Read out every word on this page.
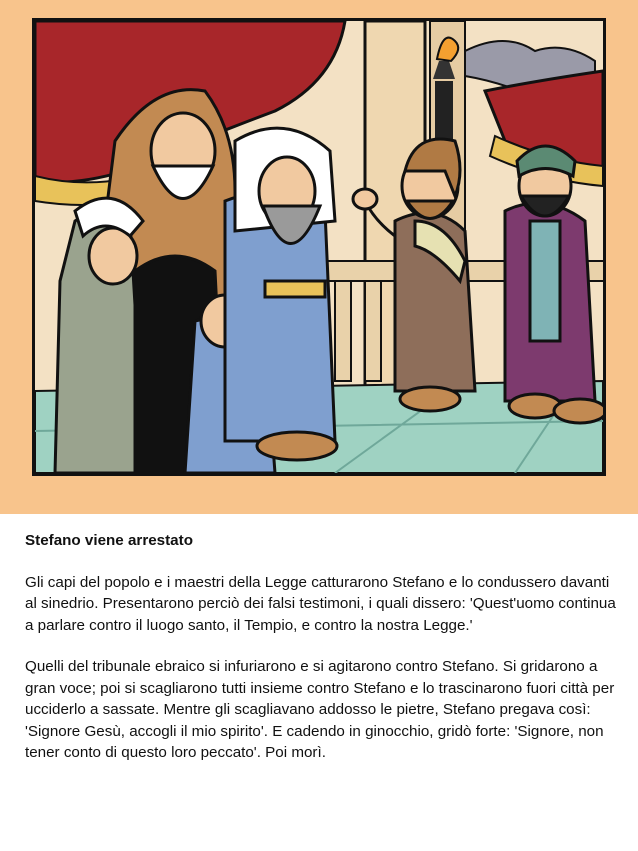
Stefano viene arrestato

Gli capi del popolo e i maestri della Legge catturarono Stefano e lo condussero davanti al sinedrio. Presentarono perciò dei falsi testimoni, i quali dissero: 'Quest'uomo continua a parlare contro il luogo santo, il Tempio, e contro la nostra Legge.'

Quelli del tribunale ebraico si infuriarono e si agitarono contro Stefano. Si gridarono a gran voce; poi si scagliarono tutti insieme contro Stefano e lo trascinarono fuori città per ucciderlo a sassate. Mentre gli scagliavano addosso le pietre, Stefano pregava così: 'Signore Gesù, accogli il mio spirito'. E cadendo in ginocchio, gridò forte: 'Signore, non tener conto di questo loro peccato'. Poi morì.
